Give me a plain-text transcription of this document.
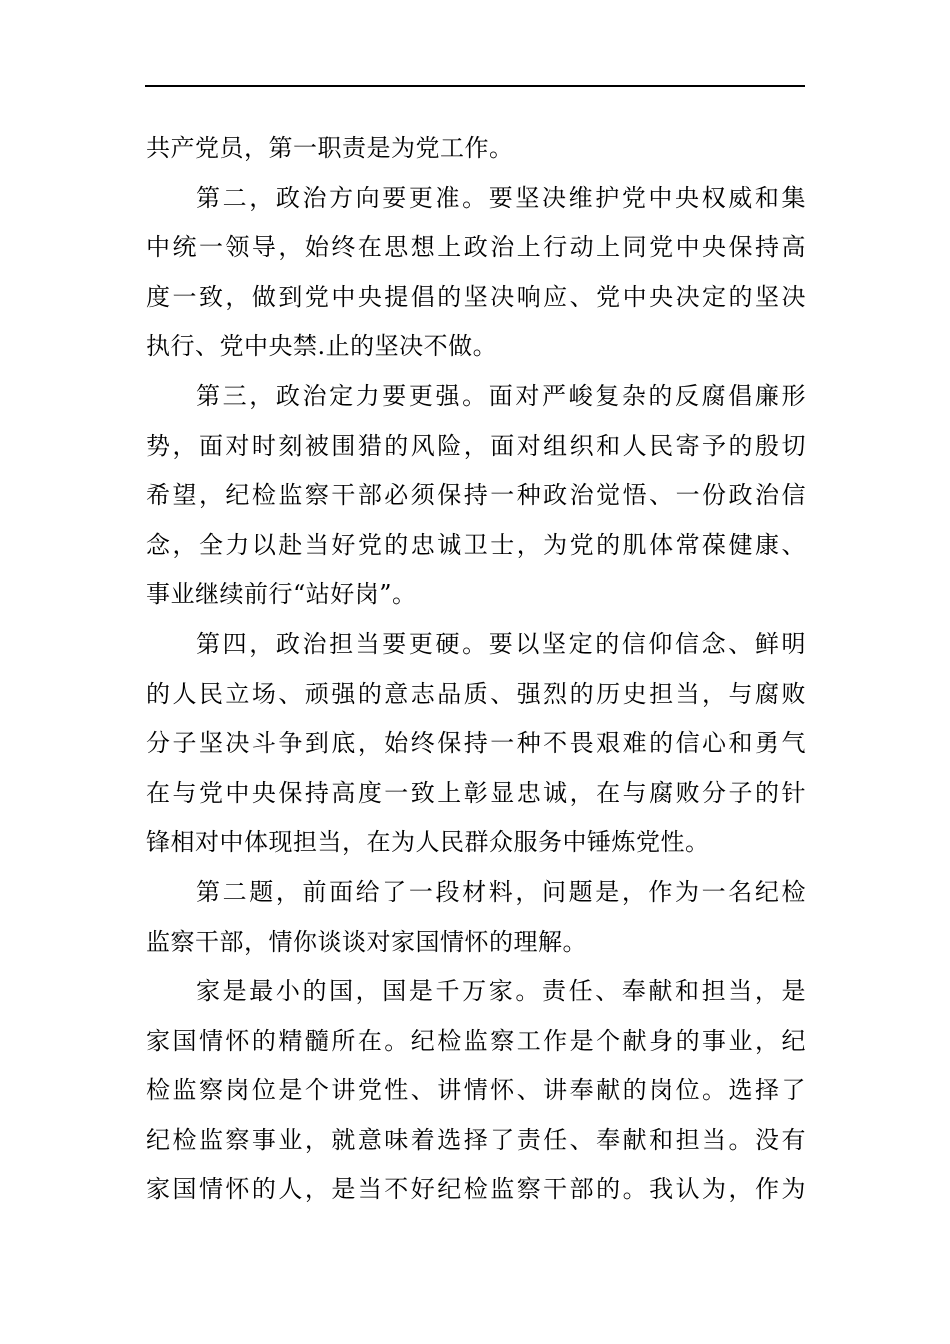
共产党员，第一职责是为党工作。
第二，政治方向要更准。要坚决维护党中央权威和集
中统一领导，始终在思想上政治上行动上同党中央保持高
度一致，做到党中央提倡的坚决响应、党中央决定的坚决
执行、党中央禁.止的坚决不做。
第三，政治定力要更强。面对严峻复杂的反腐倡廉形
势，面对时刻被围猎的风险，面对组织和人民寄予的殷切
希望，纪检监察干部必须保持一种政治觉悟、一份政治信
念，全力以赴当好党的忠诚卫士，为党的肌体常葆健康、
事业继续前行“站好岗”。
第四，政治担当要更硬。要以坚定的信仰信念、鲜明
的人民立场、顽强的意志品质、强烈的历史担当，与腐败
分子坚决斗争到底，始终保持一种不畏艰难的信心和勇气
在与党中央保持高度一致上彰显忠诚，在与腐败分子的针
锋相对中体现担当，在为人民群众服务中锤炼党性。
第二题，前面给了一段材料，问题是，作为一名纪检
监察干部，情你谈谈对家国情怀的理解。
家是最小的国，国是千万家。责任、奉献和担当，是
家国情怀的精髓所在。纪检监察工作是个献身的事业，纪
检监察岗位是个讲党性、讲情怀、讲奉献的岗位。选择了
纪检监察事业，就意味着选择了责任、奉献和担当。没有
家国情怀的人，是当不好纪检监察干部的。我认为，作为
